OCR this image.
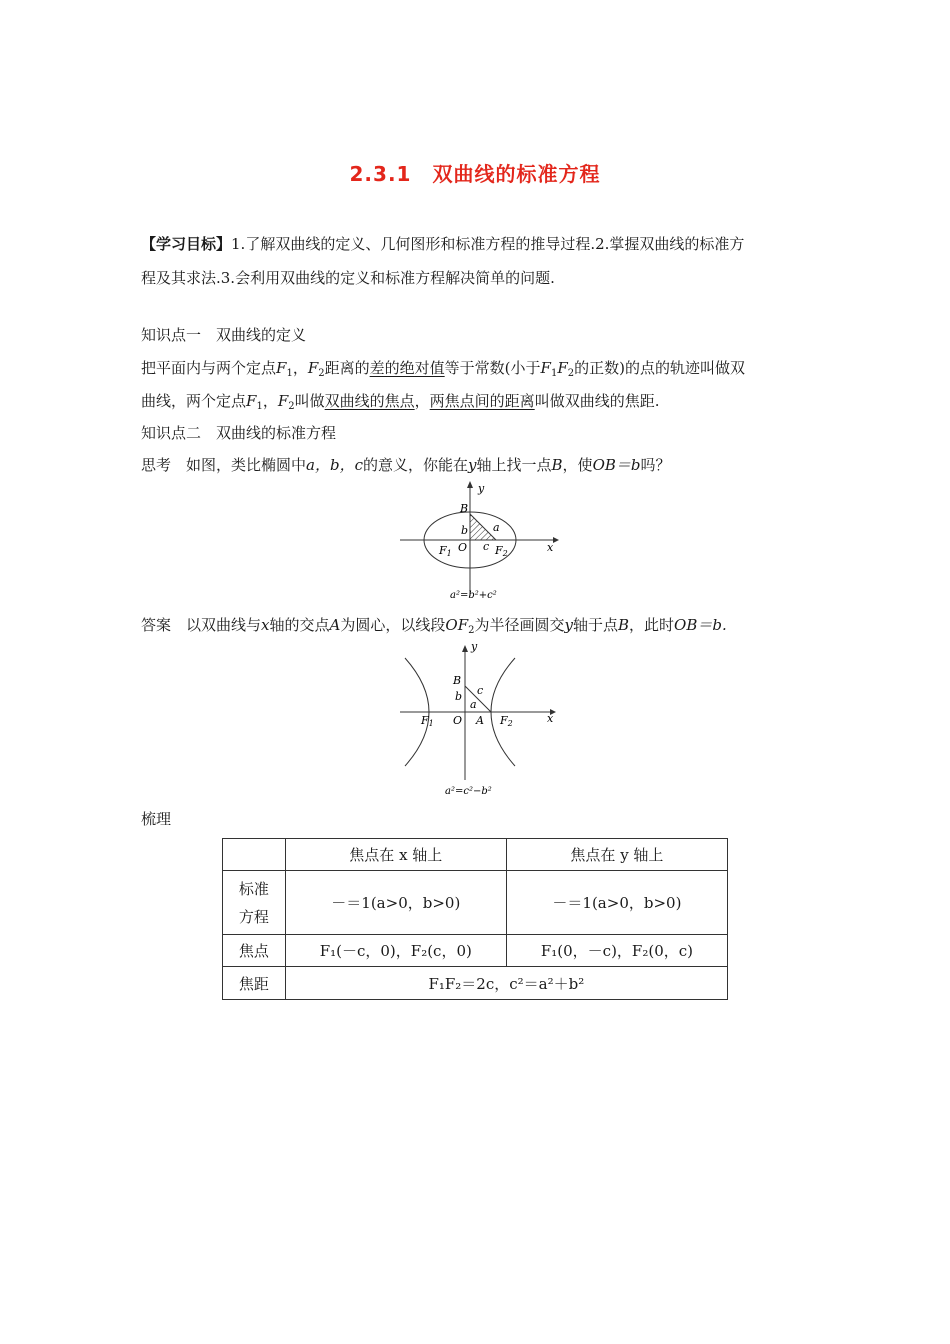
2.3.1　双曲线的标准方程
【学习目标】1.了解双曲线的定义、几何图形和标准方程的推导过程.2.掌握双曲线的标准方
程及其求法.3.会利用双曲线的定义和标准方程解决简单的问题.
知识点一　双曲线的定义
把平面内与两个定点$F_1$，$F_2$距离的差的绝对值等于常数(小于$F_1F_2$的正数)的点的轨迹叫做双
曲线，两个定点$F_1$，$F_2$叫做双曲线的焦点，两焦点间的距离叫做双曲线的焦距.
知识点二　双曲线的标准方程
思考　 如图，类比椭圆中a，b，c的意义，你能在y轴上找一点B，使OB＝b吗？
y
x
B
b a
c
O
F1	F2
a²=b²+c²
答案　 以双曲线与x轴的交点A为圆心，以线段$OF_2$为半径画圆交y轴于点B，此时OB＝b.
y
x
B
b c
a
O A
F1	F2
a²=c²−b²
梳理
	焦点在 x 轴上	焦点在 y 轴上
标准
方程	－＝1(a>0，b>0)	－＝1(a>0，b>0)
焦点	F₁(－c，0)，F₂(c，0)	F₁(0，－c)，F₂(0，c)
焦距	F₁F₂＝2c，c²＝a²＋b²	
